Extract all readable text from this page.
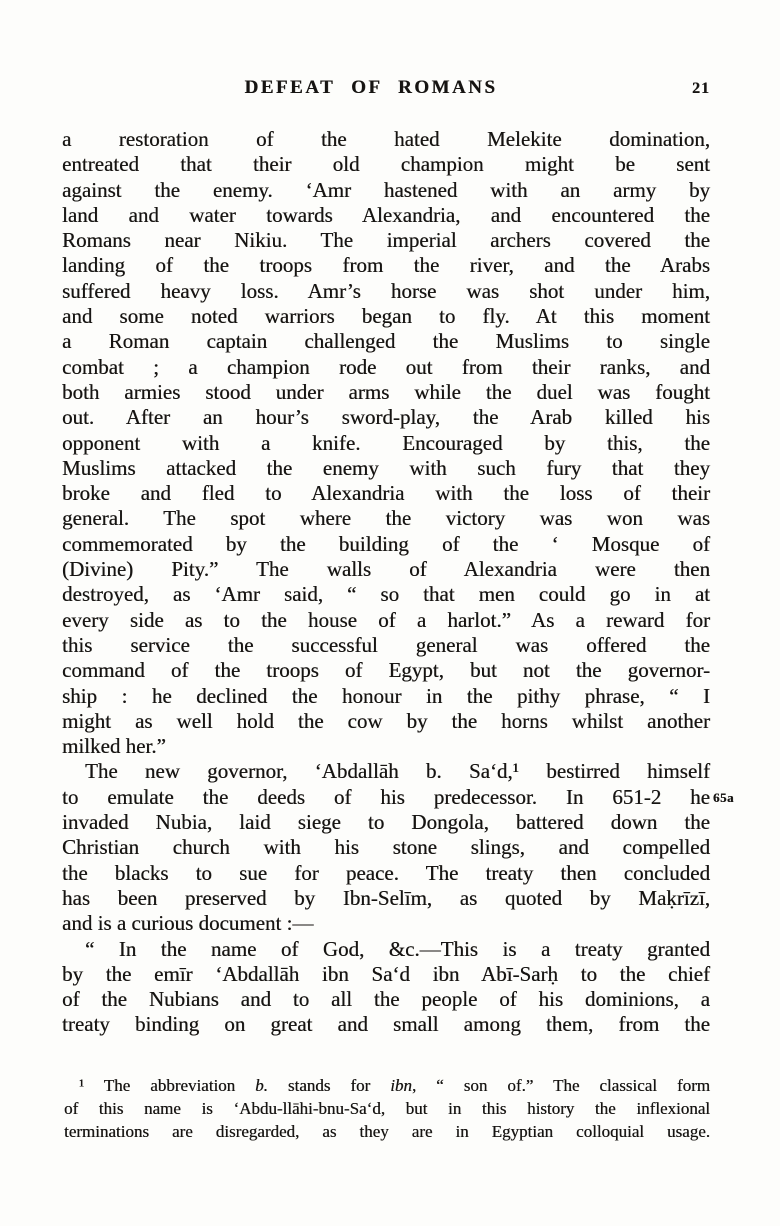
DEFEAT OF ROMANS	21
a restoration of the hated Melekite domination,
entreated that their old champion might be sent
against the enemy. ‘Amr hastened with an army by
land and water towards Alexandria, and encountered the
Romans near Nikiu. The imperial archers covered the
landing of the troops from the river, and the Arabs
suffered heavy loss. Amr’s horse was shot under him,
and some noted warriors began to fly. At this moment
a Roman captain challenged the Muslims to single
combat ; a champion rode out from their ranks, and
both armies stood under arms while the duel was fought
out. After an hour’s sword-play, the Arab killed his
opponent with a knife. Encouraged by this, the
Muslims attacked the enemy with such fury that they
broke and fled to Alexandria with the loss of their
general. The spot where the victory was won was
commemorated by the building of the ‘ Mosque of
(Divine) Pity.” The walls of Alexandria were then
destroyed, as ‘Amr said, “ so that men could go in at
every side as to the house of a harlot.” As a reward for
this service the successful general was offered the
command of the troops of Egypt, but not the governor-
ship : he declined the honour in the pithy phrase, “ I
might as well hold the cow by the horns whilst another
milked her.”
The new governor, ‘Abdallāh b. Sa‘d,¹ bestirred himself
to emulate the deeds of his predecessor. In 651-2 he
invaded Nubia, laid siege to Dongola, battered down the
Christian church with his stone slings, and compelled
the blacks to sue for peace. The treaty then concluded
has been preserved by Ibn-Selīm, as quoted by Maḳrīzī,
and is a curious document :—
“ In the name of God, &c.—This is a treaty granted
by the emīr ‘Abdallāh ibn Sa‘d ibn Abī-Sarḥ to the chief
of the Nubians and to all the people of his dominions, a
treaty binding on great and small among them, from the
65a
¹ The abbreviation b. stands for ibn, “ son of.” The classical form
of this name is ‘Abdu-llāhi-bnu-Sa‘d, but in this history the inflexional
terminations are disregarded, as they are in Egyptian colloquial usage.
